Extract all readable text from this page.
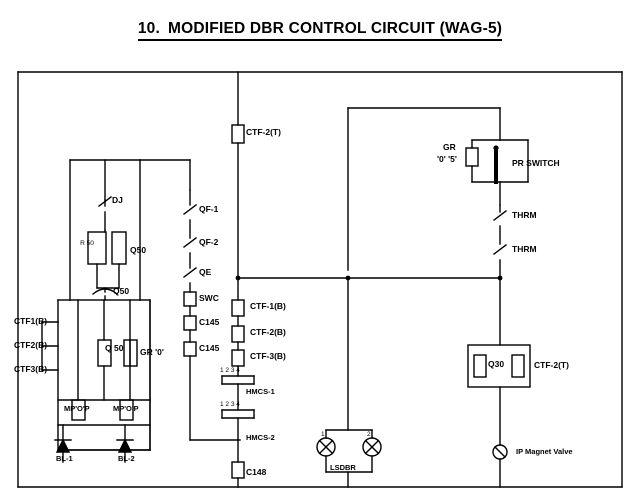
10. MODIFIED DBR CONTROL CIRCUIT (WAG-5)
CTF-2(T)
DJ
R 50
Q50
Q50
CTF1(B)
CTF2(B)
CTF3(B)
Q 50 GR '0'
MP'O'P	MP'O'P
BL-1	BL-2
QF-1
QF-2
QE
SWC
C145
C145
C148
CTF-1(B)
CTF-2(B)
CTF-3(B)
1 2 3 4
HMCS-1
1 2 3 4
HMCS-2	1	2
LSDBR
GR
'0' '5'	PR SWITCH
THRM
THRM
Q30	CTF-2(T)
IP Magnet Valve
